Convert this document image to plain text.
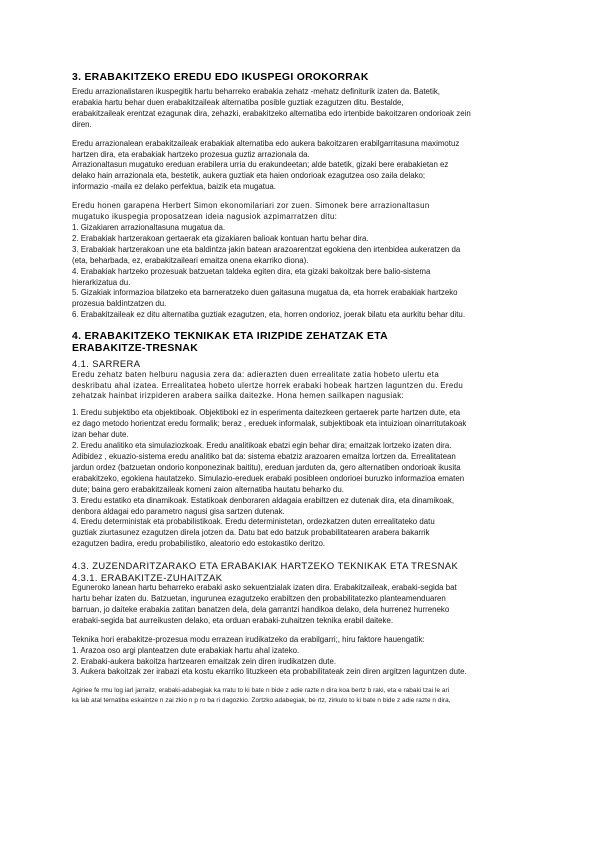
3. ERABAKITZEKO EREDU EDO IKUSPEGI OROKORRAK

Eredu arrazionalistaren ikuspegitik hartu beharreko erabakia zehatz -mehatz definiturik izaten da. Batetik,
erabakia hartu behar duen erabakitzaileak alternatiba posible guztiak ezagutzen ditu. Bestalde,
erabakitzaileak erentzat ezagunak dira, zehazki, erabakitzeko alternatiba edo irtenbide bakoitzaren ondorioak zein
diren.

Eredu arrazionalean erabakitzaileak erabakiak alternatiba edo aukera bakoitzaren erabilgarritasuna maximotuz
hartzen dira, eta erabakiak hartzeko prozesua guztiz arrazionala da.
Arrazionaltasun mugatuko ereduan erabilera urria du erakundeetan; alde batetik, gizaki bere erabakietan ez
delako hain arrazionala eta, bestetik, aukera guztiak eta haien ondorioak ezagutzea oso zaila delako;
informazio -maila ez delako perfektua, baizik eta mugatua.

Eredu honen garapena Herbert Simon ekonomilariari zor zuen. Simonek bere arrazionaltasun
mugatuko ikuspegia proposatzean ideia nagusiok azpimarratzen ditu:

1. Gizakiaren arrazionaltasuna mugatua da.
2. Erabakiak hartzerakoan gertaerak eta gizakiaren balioak kontuan hartu behar dira.
3. Erabakiak hartzerakoan une eta baldintza jakin batean arazoarentzat egokiena den irtenbidea aukeratzen da
(eta, beharbada, ez, erabakitzaileari emaitza onena ekarriko diona).
4. Erabakiak hartzeko prozesuak batzuetan taldeka egiten dira, eta gizaki bakoitzak bere balio-sistema
hierarkizatua du.
5. Gizakiak informazioa bilatzeko eta barneratzeko duen gaitasuna mugatua da, eta horrek erabakiak hartzeko
prozesua baldintzatzen du.
6. Erabakitzaileak ez ditu alternatiba guztiak ezagutzen, eta, horren ondorioz, joerak bilatu eta aurkitu behar ditu.

4. ERABAKITZEKO TEKNIKAK ETA IRIZPIDE ZEHATZAK ETA
ERABAKITZE-TRESNAK
4.1. SARRERA

Eredu zehatz baten helburu nagusia zera da: adierazten duen errealitate zatia hobeto ulertu eta
deskribatu ahal izatea. Errealitatea hobeto ulertze horrek erabaki hobeak hartzen laguntzen du. Eredu
zehatzak hainbat irizpideren arabera sailka daitezke. Hona hemen sailkapen nagusiak:

1. Eredu subjektibo eta objektiboak. Objektiboki ez in esperimenta daitezkeen gertaerek parte hartzen dute, eta
ez dago metodo horientzat eredu formalik; beraz , ereduek informalak, subjektiboak eta intuizioan oinarritutakoak
izan behar dute.
2. Eredu analitiko eta simulaziozkoak. Eredu analitikoak ebatzi egin behar dira; emaitzak lortzeko izaten dira.
Adibidez , ekuazio-sistema eredu analitiko bat da: sistema ebatziz arazoaren emaitza lortzen da. Errealitatean
jardun ordez (batzuetan ondorio konponezinak baititu), ereduan jarduten da, gero alternatiben ondorioak ikusita
erabakitzeko, egokiena hautatzeko. Simulazio-ereduek erabaki posibleen ondorioei buruzko informazioa ematen
dute; baina gero erabakitzaileak komeni zaion alternatiba hautatu beharko du.
3. Eredu estatiko eta dinamikoak. Estatikoak denboraren aldagaia erabiltzen ez dutenak dira, eta dinamikoak,
denbora aldagai edo parametro nagusi gisa sartzen dutenak.
4. Eredu deterministak eta probabilistikoak. Eredu deterministetan, ordezkatzen duten errealitateko datu
guztiak ziurtasunez ezagutzen direla jotzen da. Datu bat edo batzuk probabilitatearen arabera bakarrik
ezagutzen badira, eredu probabilistiko, aleatorio edo estokastiko deritzo.

4.3. ZUZENDARITZARAKO ETA ERABAKIAK HARTZEKO TEKNIKAK ETA TRESNAK
4.3.1. ERABAKITZE-ZUHAITZAK

Eguneroko lanean hartu beharreko erabaki asko sekuentzialak izaten dira. Erabakitzaileak, erabaki-segida bat
hartu behar izaten du. Batzuetan, ingurunea ezagutzeko erabiltzen den probabilitatezko planteamenduaren
barruan, jo daiteke erabakia zatitan banatzen dela, dela garrantzi handikoa delako, dela hurrenez hurreneko
erabaki-segida bat aurreikusten delako, eta orduan erabaki-zuhaitzen teknika erabil daiteke.

Teknika hori erabakitze-prozesua modu errazean irudikatzeko da erabilgarri;, hiru faktore hauengatik:
1. Arazoa oso argi planteatzen dute erabakiak hartu ahal izateko.
2. Erabaki-aukera bakoitza hartzearen emaitzak zein diren irudikatzen dute.
3. Aukera bakoitzak zer irabazi eta kostu ekarriko lituzkeen eta probabilitateak zein diren argitzen laguntzen dute.

Agiriee fe rmu log iarl jarraitz, erabaki-adabegiak ka rratu to ki bate n bide z adie razte n dira koa bertz b raki, eta e rabaki tzai le ari
ka lab atal ternatiba eskaintze n zai zkio n p ro ba ri dagozkio. Zortzko adabegiak, be rtz, zirkulo to ki bate n bide z adie razte n dira,
